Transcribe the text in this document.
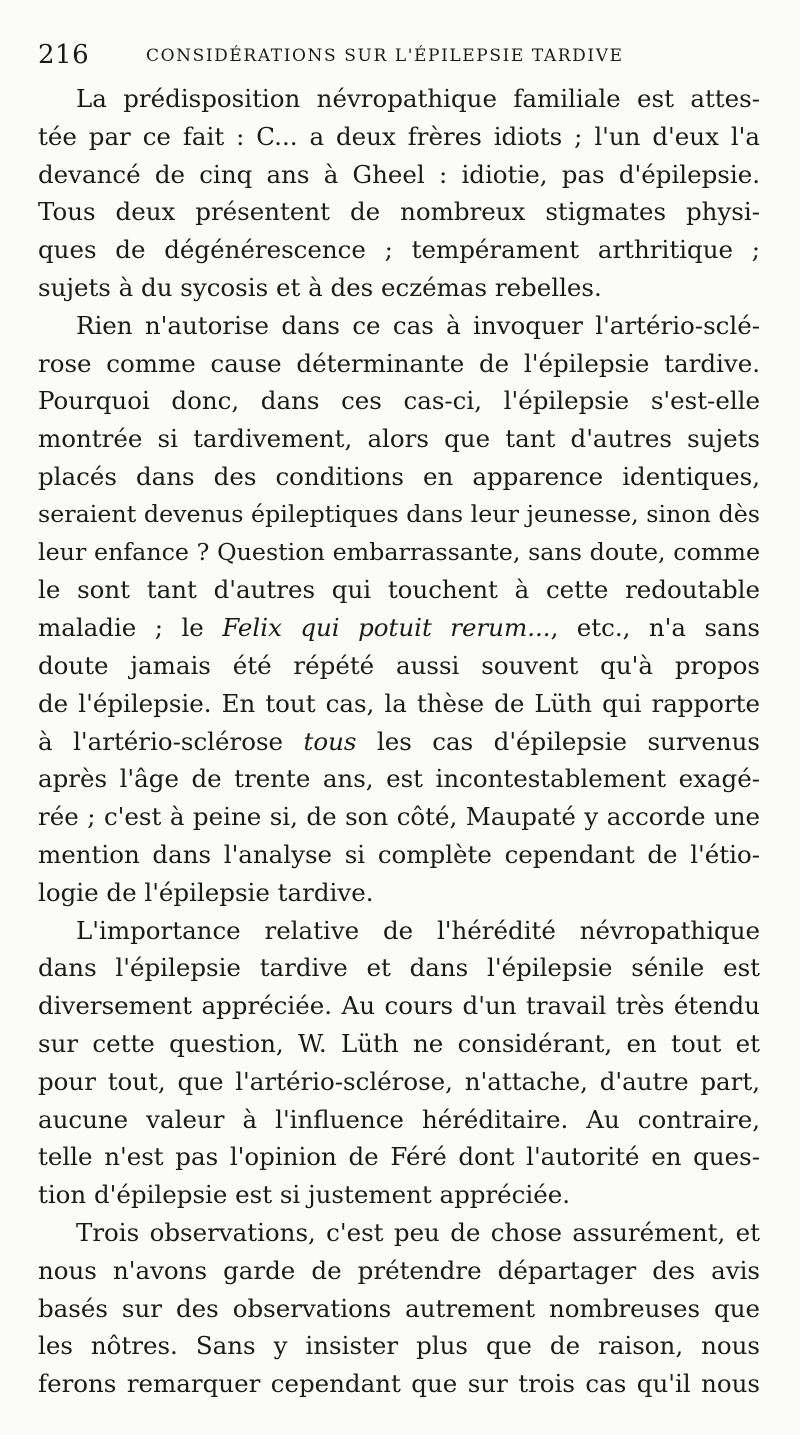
216	CONSIDÉRATIONS SUR L'ÉPILEPSIE TARDIVE
La prédisposition névropathique familiale est attes-
tée par ce fait : C... a deux frères idiots ; l'un d'eux l'a
devancé de cinq ans à Gheel : idiotie, pas d'épilepsie.
Tous deux présentent de nombreux stigmates physi-
ques de dégénérescence ; tempérament arthritique ;
sujets à du sycosis et à des eczémas rebelles.
Rien n'autorise dans ce cas à invoquer l'artério-sclé-
rose comme cause déterminante de l'épilepsie tardive.
Pourquoi donc, dans ces cas-ci, l'épilepsie s'est-elle
montrée si tardivement, alors que tant d'autres sujets
placés dans des conditions en apparence identiques,
seraient devenus épileptiques dans leur jeunesse, sinon dès
leur enfance ? Question embarrassante, sans doute, comme
le sont tant d'autres qui touchent à cette redoutable
maladie ; le Felix qui potuit rerum..., etc., n'a sans
doute jamais été répété aussi souvent qu'à propos
de l'épilepsie. En tout cas, la thèse de Lüth qui rapporte
à l'artério-sclérose tous les cas d'épilepsie survenus
après l'âge de trente ans, est incontestablement exagé-
rée ; c'est à peine si, de son côté, Maupaté y accorde une
mention dans l'analyse si complète cependant de l'étio-
logie de l'épilepsie tardive.
L'importance relative de l'hérédité névropathique
dans l'épilepsie tardive et dans l'épilepsie sénile est
diversement appréciée. Au cours d'un travail très étendu
sur cette question, W. Lüth ne considérant, en tout et
pour tout, que l'artério-sclérose, n'attache, d'autre part,
aucune valeur à l'influence héréditaire. Au contraire,
telle n'est pas l'opinion de Féré dont l'autorité en ques-
tion d'épilepsie est si justement appréciée.
Trois observations, c'est peu de chose assurément, et
nous n'avons garde de prétendre départager des avis
basés sur des observations autrement nombreuses que
les nôtres. Sans y insister plus que de raison, nous
ferons remarquer cependant que sur trois cas qu'il nous
